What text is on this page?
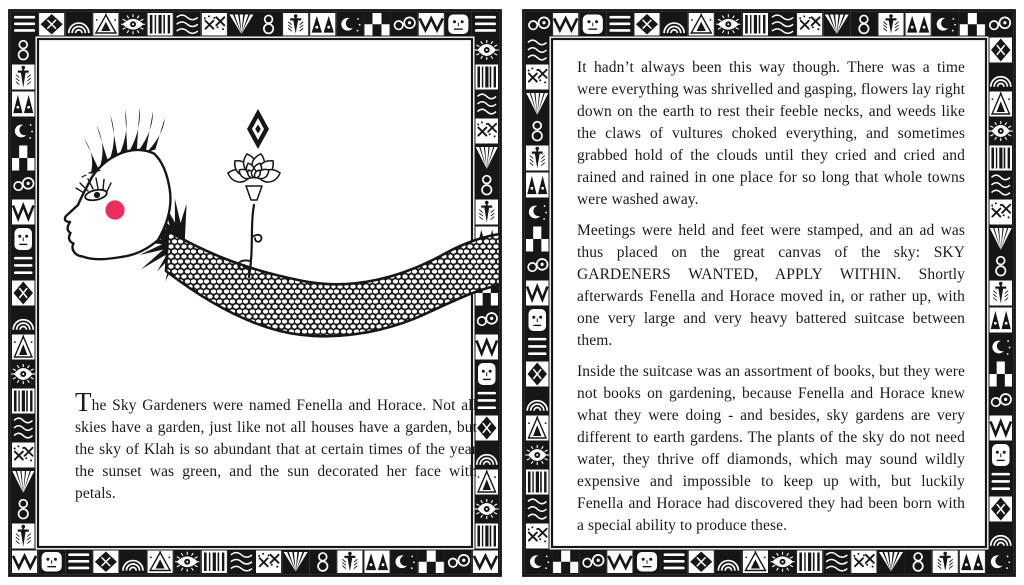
The Sky Gardeners were named Fenella and Horace. Not all skies have a garden, just like not all houses have a garden, but the sky of Klah is so abundant that at certain times of the year the sunset was green, and the sun decorated her face with petals.

It hadn’t always been this way though. There was a time were everything was shrivelled and gasping, flowers lay right down on the earth to rest their feeble necks, and weeds like the claws of vultures choked everything, and sometimes grabbed hold of the clouds until they cried and cried and rained and rained in one place for so long that whole towns were washed away.

Meetings were held and feet were stamped, and an ad was thus placed on the great canvas of the sky: SKY GARDENERS WANTED, APPLY WITHIN. Shortly afterwards Fenella and Horace moved in, or rather up, with one very large and very heavy battered suitcase between them.

Inside the suitcase was an assortment of books, but they were not books on gardening, because Fenella and Horace knew what they were doing - and besides, sky gardens are very different to earth gardens. The plants of the sky do not need water, they thrive off diamonds, which may sound wildly expensive and impossible to keep up with, but luckily Fenella and Horace had discovered they had been born with a special ability to produce these.
